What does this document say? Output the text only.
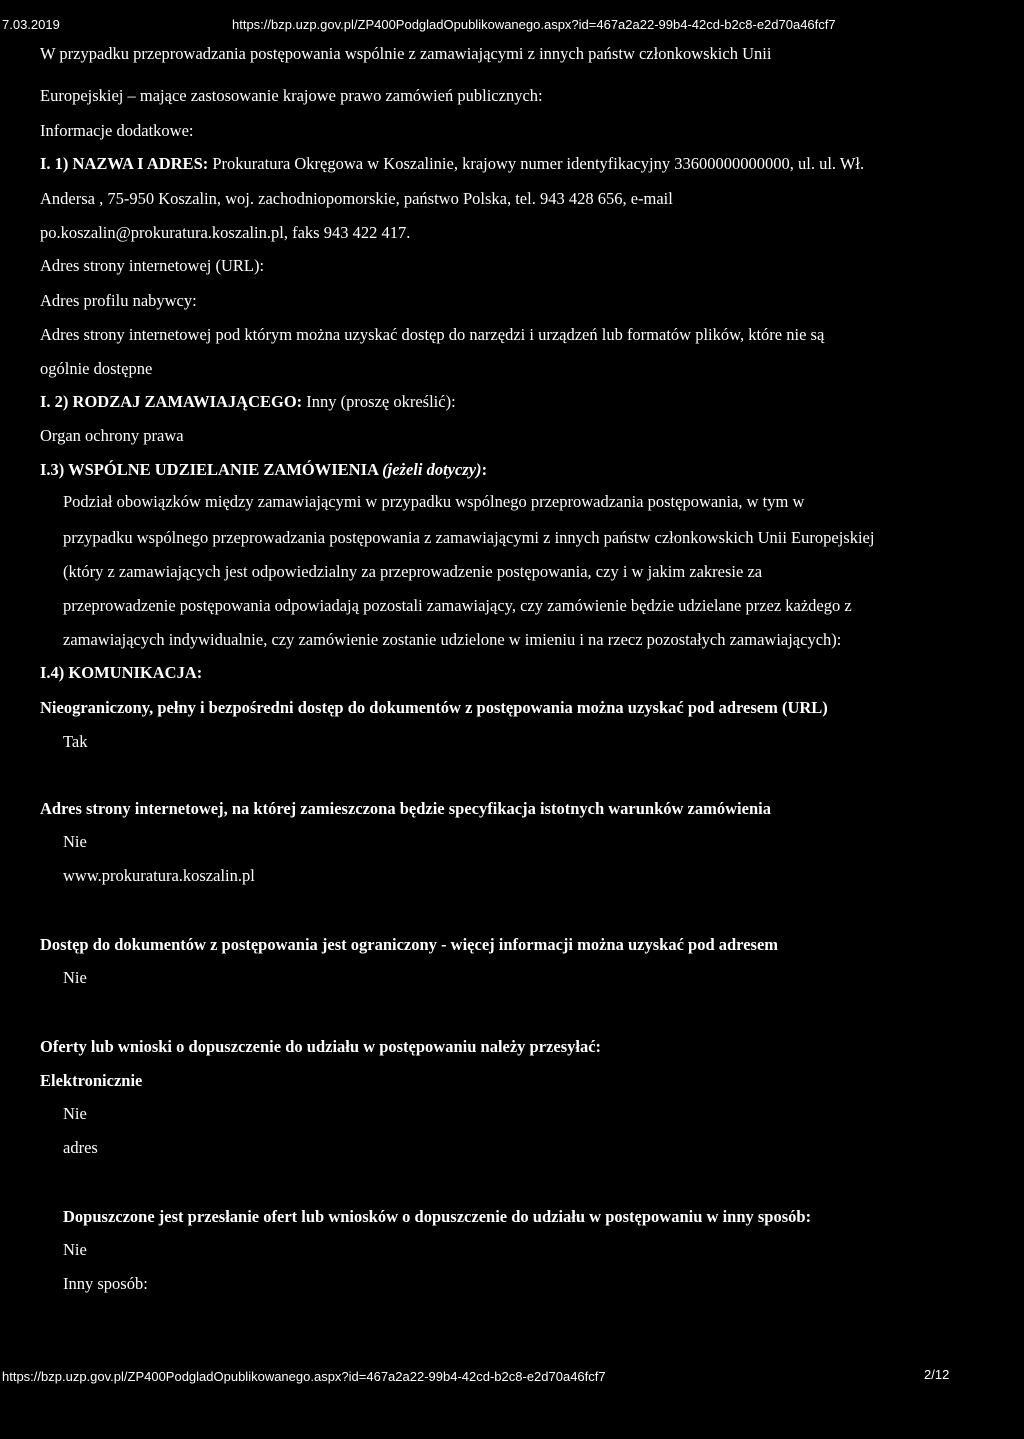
7.03.2019	https://bzp.uzp.gov.pl/ZP400PodgladOpublikowanego.aspx?id=467a2a22-99b4-42cd-b2c8-e2d70a46fcf7
W przypadku przeprowadzania postępowania wspólnie z zamawiającymi z innych państw członkowskich Unii
Europejskiej – mające zastosowanie krajowe prawo zamówień publicznych:
Informacje dodatkowe:
I. 1) NAZWA I ADRES: Prokuratura Okręgowa w Koszalinie, krajowy numer identyfikacyjny 33600000000000, ul. ul. Wł.
Andersa , 75-950 Koszalin, woj. zachodniopomorskie, państwo Polska, tel. 943 428 656, e-mail
po.koszalin@prokuratura.koszalin.pl, faks 943 422 417.
Adres strony internetowej (URL):
Adres profilu nabywcy:
Adres strony internetowej pod którym można uzyskać dostęp do narzędzi i urządzeń lub formatów plików, które nie są
ogólnie dostępne
I. 2) RODZAJ ZAMAWIAJĄCEGO: Inny (proszę określić):
Organ ochrony prawa
I.3) WSPÓLNE UDZIELANIE ZAMÓWIENIA (jeżeli dotyczy):
Podział obowiązków między zamawiającymi w przypadku wspólnego przeprowadzania postępowania, w tym w
przypadku wspólnego przeprowadzania postępowania z zamawiającymi z innych państw członkowskich Unii Europejskiej
(który z zamawiających jest odpowiedzialny za przeprowadzenie postępowania, czy i w jakim zakresie za
przeprowadzenie postępowania odpowiadają pozostali zamawiający, czy zamówienie będzie udzielane przez każdego z
zamawiających indywidualnie, czy zamówienie zostanie udzielone w imieniu i na rzecz pozostałych zamawiających):
I.4) KOMUNIKACJA:
Nieograniczony, pełny i bezpośredni dostęp do dokumentów z postępowania można uzyskać pod adresem (URL)
Tak
Adres strony internetowej, na której zamieszczona będzie specyfikacja istotnych warunków zamówienia
Nie
www.prokuratura.koszalin.pl
Dostęp do dokumentów z postępowania jest ograniczony - więcej informacji można uzyskać pod adresem
Nie
Oferty lub wnioski o dopuszczenie do udziału w postępowaniu należy przesyłać:
Elektronicznie
Nie
adres
Dopuszczone jest przesłanie ofert lub wniosków o dopuszczenie do udziału w postępowaniu w inny sposób:
Nie
Inny sposób:
https://bzp.uzp.gov.pl/ZP400PodgladOpublikowanego.aspx?id=467a2a22-99b4-42cd-b2c8-e2d70a46fcf7	2/12
